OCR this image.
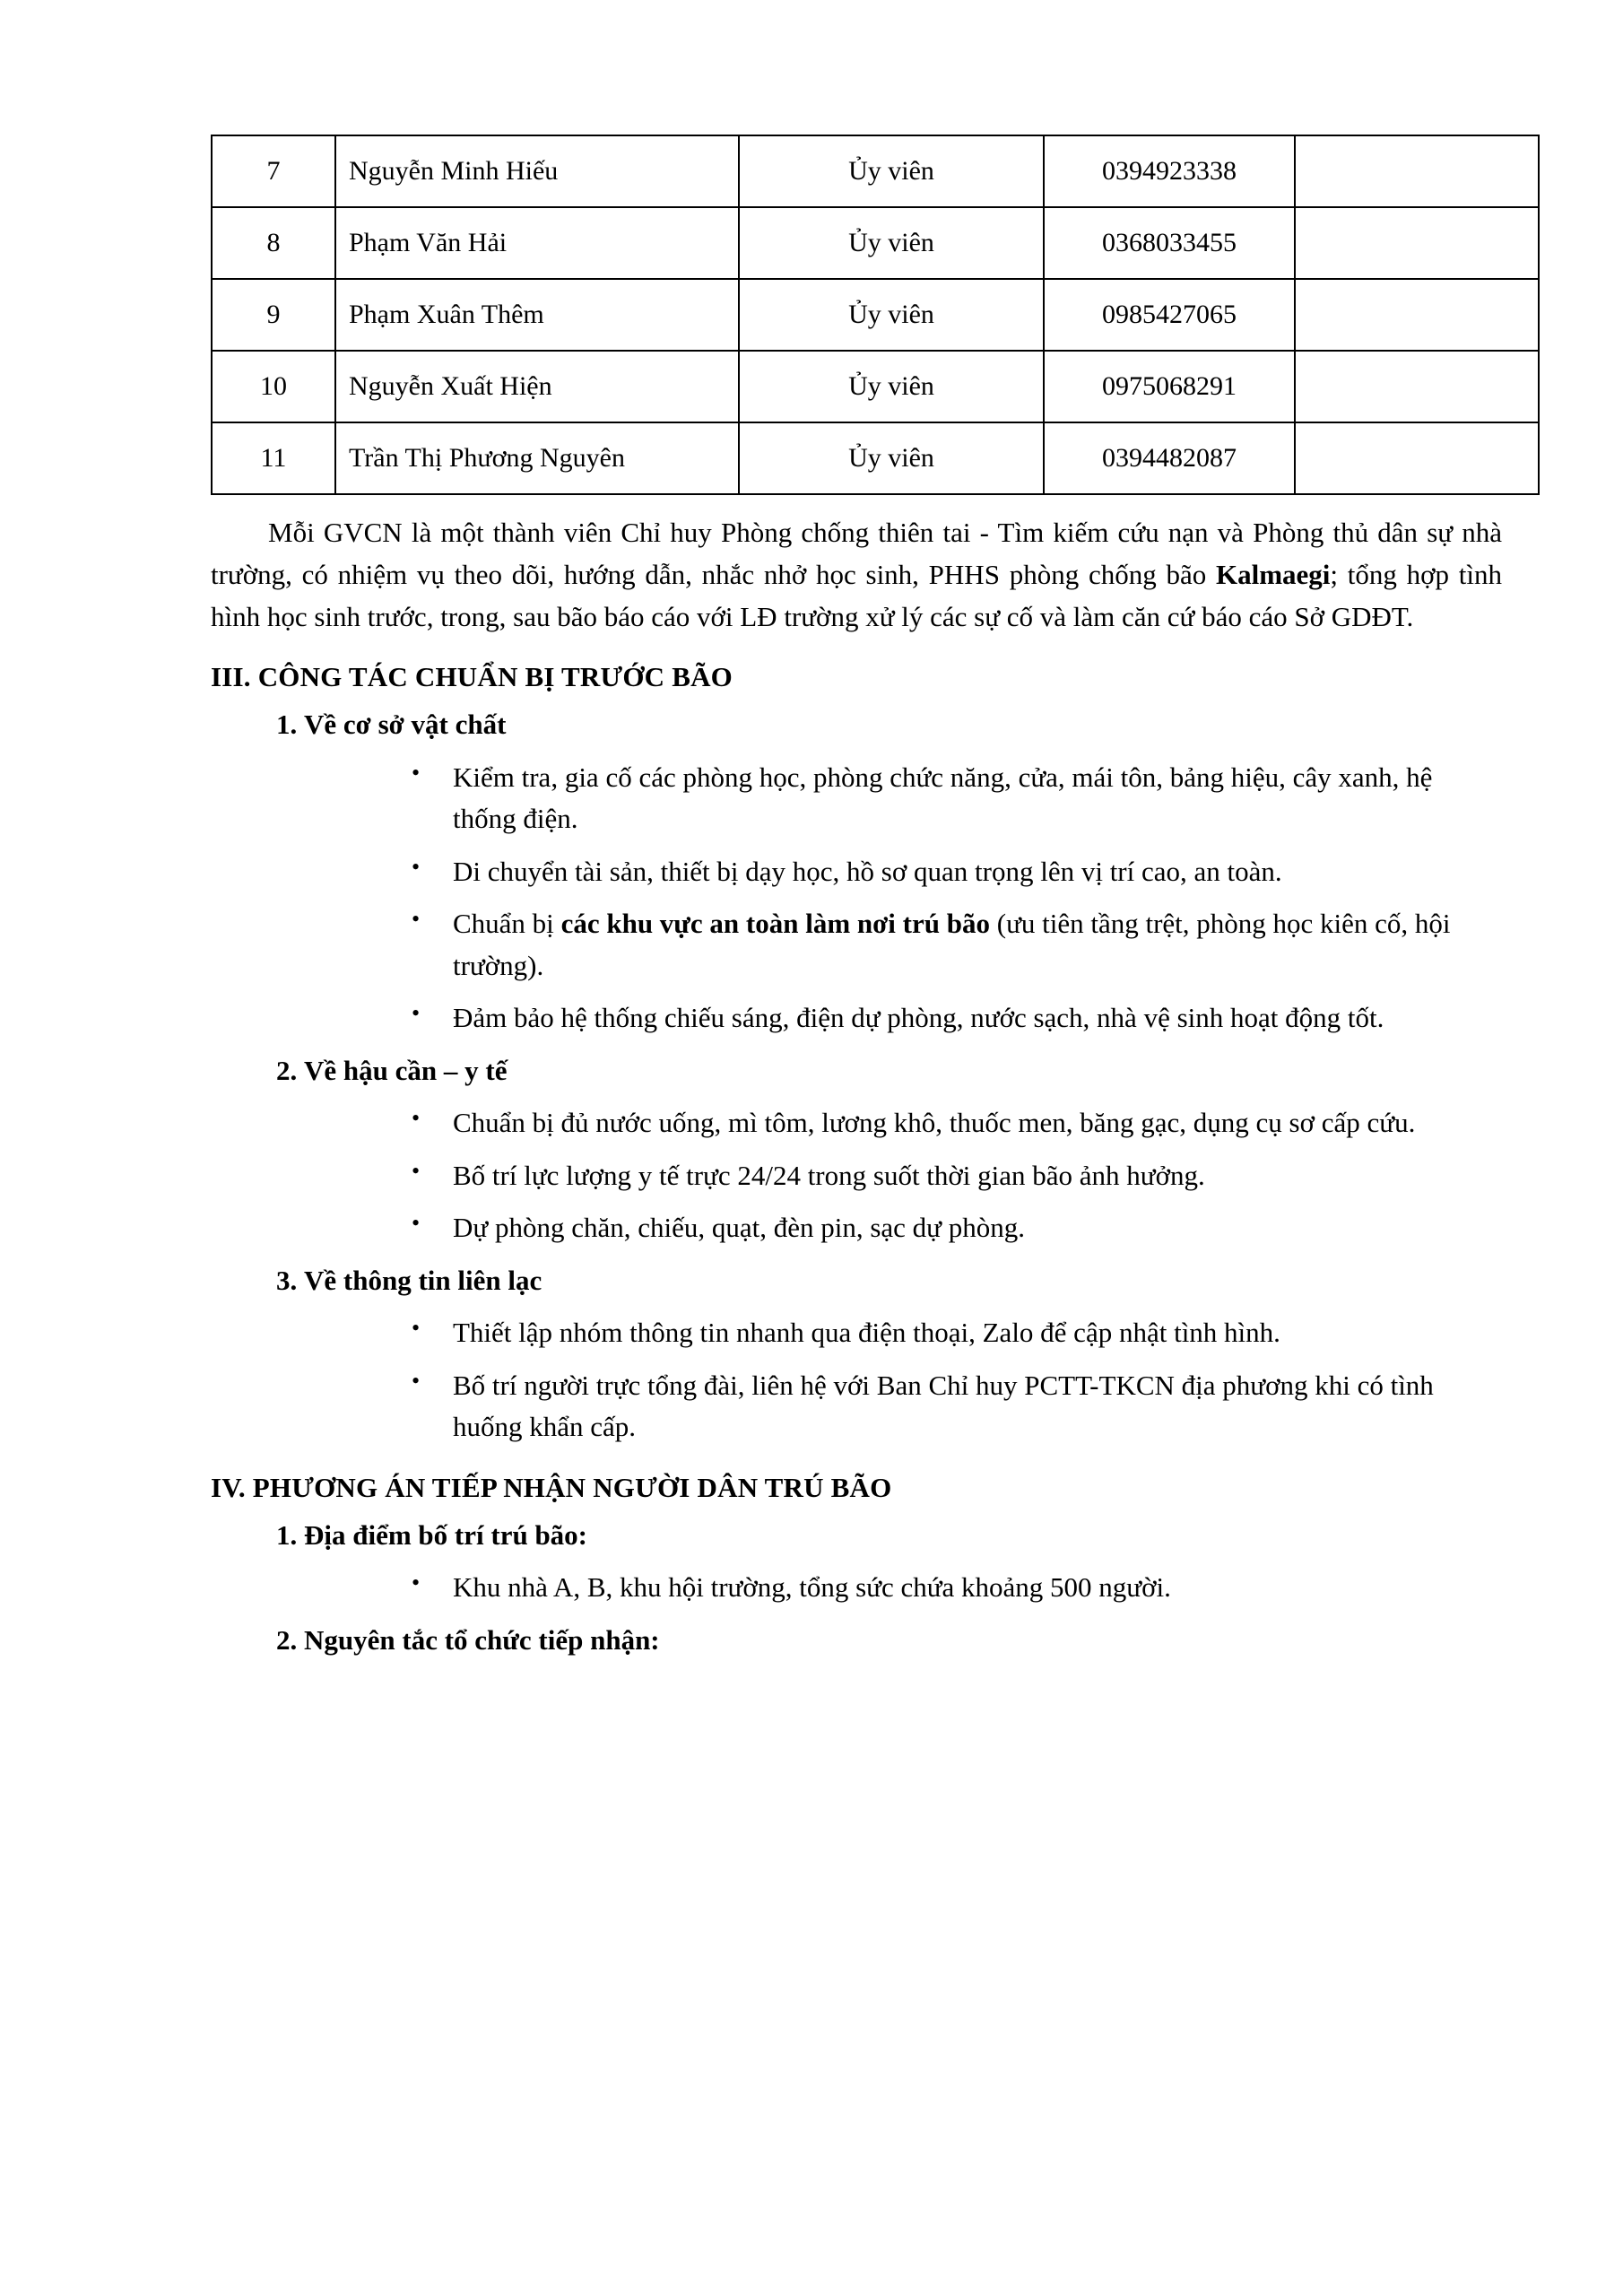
7	Nguyễn Minh Hiếu	Ủy viên	0394923338	
8	Phạm Văn Hải	Ủy viên	0368033455	
9	Phạm Xuân Thêm	Ủy viên	0985427065	
10	Nguyễn Xuất Hiện	Ủy viên	0975068291	
11	Trần Thị Phương Nguyên	Ủy viên	0394482087	

Mỗi GVCN là một thành viên Chỉ huy Phòng chống thiên tai - Tìm kiếm cứu nạn và Phòng thủ dân sự nhà trường, có nhiệm vụ theo dõi, hướng dẫn, nhắc nhở học sinh, PHHS phòng chống bão Kalmaegi; tổng hợp tình hình học sinh trước, trong, sau bão báo cáo với LĐ trường xử lý các sự cố và làm căn cứ báo cáo Sở GDĐT.

III. CÔNG TÁC CHUẨN BỊ TRƯỚC BÃO
1. Về cơ sở vật chất
• Kiểm tra, gia cố các phòng học, phòng chức năng, cửa, mái tôn, bảng hiệu, cây xanh, hệ thống điện.
• Di chuyển tài sản, thiết bị dạy học, hồ sơ quan trọng lên vị trí cao, an toàn.
• Chuẩn bị các khu vực an toàn làm nơi trú bão (ưu tiên tầng trệt, phòng học kiên cố, hội trường).
• Đảm bảo hệ thống chiếu sáng, điện dự phòng, nước sạch, nhà vệ sinh hoạt động tốt.
2. Về hậu cần – y tế
• Chuẩn bị đủ nước uống, mì tôm, lương khô, thuốc men, băng gạc, dụng cụ sơ cấp cứu.
• Bố trí lực lượng y tế trực 24/24 trong suốt thời gian bão ảnh hưởng.
• Dự phòng chăn, chiếu, quạt, đèn pin, sạc dự phòng.
3. Về thông tin liên lạc
• Thiết lập nhóm thông tin nhanh qua điện thoại, Zalo để cập nhật tình hình.
• Bố trí người trực tổng đài, liên hệ với Ban Chỉ huy PCTT-TKCN địa phương khi có tình huống khẩn cấp.
IV. PHƯƠNG ÁN TIẾP NHẬN NGƯỜI DÂN TRÚ BÃO
1. Địa điểm bố trí trú bão:
• Khu nhà A, B, khu hội trường, tổng sức chứa khoảng 500 người.
2. Nguyên tắc tổ chức tiếp nhận:
